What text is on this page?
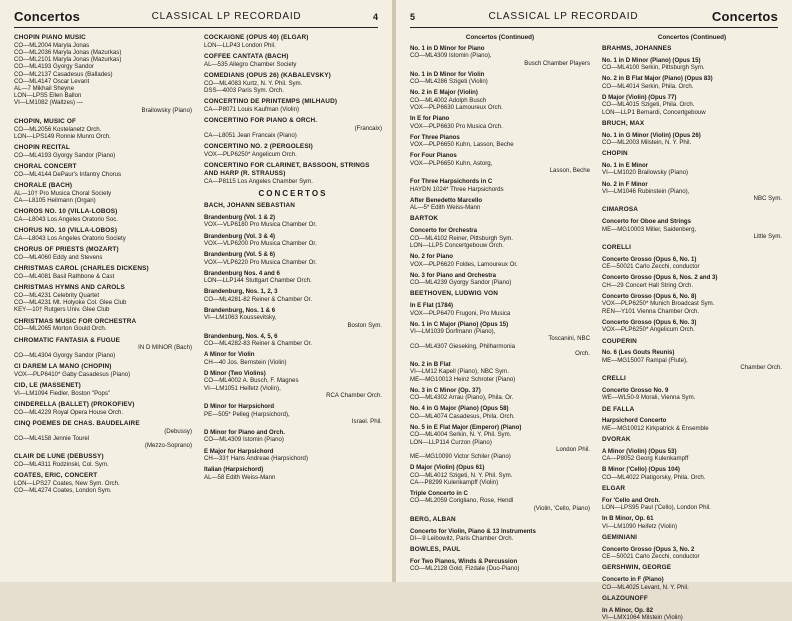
Concertos	CLASSICAL LP RECORDAID	4
CHOPIN PIANO MUSIC
CO—ML2004 Maryla Jonas
CO—ML2036 Maryla Jonas (Mazurkas)
CO—ML2101 Maryla Jonas (Mazurkas)
CO—ML4193 Gyorgy Sandor
CO—ML2137 Casadesus (Ballades)
CO—ML4147 Oscar Levant
AL—7 Mikhail Sheyne
LON—LPS5 Ellen Ballon
VI—LM1082 (Waltzes) —
Brailowsky (Piano)
CHOPIN, MUSIC OF
CO—ML2056 Kostelanetz Orch.
LON—LPS149 Ronnie Munro Orch.
CHOPIN RECITAL
CO—ML4193 Gyorgy Sandor (Piano)
CHORAL CONCERT
CO—ML4144 DePaur's Infantry Chorus
CHORALE (BACH)
AL—10† Pro Musica Choral Society
CA—L8105 Heilmann (Organ)
CHOROS NO. 10 (VILLA-LOBOS)
CA—L8043 Los Angeles Oratorio Soc.
CHORUS NO. 10 (VILLA-LOBOS)
CA—L8043 Los Angeles Oratorio Society
CHORUS OF PRIESTS (MOZART)
CO—ML4060 Eddy and Stevens
CHRISTMAS CAROL (CHARLES DICKENS)
CO—ML4081 Basil Rathbone & Cast
CHRISTMAS HYMNS AND CAROLS
CO—ML4231 Celebrity Quartet
CO—ML4231 Mt. Holyoke Col. Glee Club
KEY—10† Rutgers Univ. Glee Club
CHRISTMAS MUSIC FOR ORCHESTRA
CO—ML2065 Morton Gould Orch.
CHROMATIC FANTASIA & FUGUE
IN D MINOR (Bach)
CO—ML4304 Gyorgy Sandor (Piano)
CI DAREM LA MANO (CHOPIN)
VOX—PLP6410* Gaby Casadesus (Piano)
CID, LE (MASSENET)
VI—LM1094 Fiedler, Boston "Pops"
CINDERELLA (BALLET) (PROKOFIEV)
CO—ML4229 Royal Opera House Orch.
CINQ POEMES DE CHAS. BAUDELAIRE
(Debussy)
CO—ML4158 Jennie Tourel
(Mezzo-Soprano)
CLAIR DE LUNE (DEBUSSY)
CO—ML4311 Rodzinski, Col. Sym.
COATES, ERIC, CONCERT
LON—LPS27 Coates, New Sym. Orch.
CO—ML4274 Coates, London Sym.
COCKAIGNE (OPUS 40) (ELGAR)
LON—LLP43 London Phil.
COFFEE CANTATA (BACH)
AL—535 Allegro Chamber Society
COMEDIANS (OPUS 26) (KABALEVSKY)
CO—ML4083 Kurtz, N. Y. Phil. Sym.
DSS—4003 Paris Sym. Orch.
CONCERTINO DE PRINTEMPS (MILHAUD)
CA—P8071 Louis Kaufman (Violin)
CONCERTINO FOR PIANO & ORCH.
(Francaix)
CA—L8051 Jean Francaix (Piano)
CONCERTINO NO. 2 (PERGOLESI)
VOX—PLP6250* Angelicum Orch.
CONCERTINO FOR CLARINET, BASSOON, STRINGS AND HARP (R. STRAUSS)
CA—P8115 Los Angeles Chamber Sym.
CONCERTOS
BACH, JOHANN SEBASTIAN
Brandenburg (Vol. 1 & 2)
VOX—VLP6180 Pro Musica Chamber Or.
Brandenburg (Vol. 3 & 4)
VOX—VLP6200 Pro Musica Chamber Or.
Brandenburg (Vol. 5 & 6)
VOX—VLP6220 Pro Musica Chamber Or.
Brandenburg Nos. 4 and 6
LON—LLP144 Stuttgart Chamber Orch.
Brandenburg, Nos. 1, 2, 3
CO—ML4281-82 Reiner & Chamber Or.
Brandenburg, Nos. 1 & 6
VI—LM1063 Koussevitsky,
Boston Sym.
Brandenburg, Nos. 4, 5, 6
CO—ML4282-83 Reiner & Chamber Or.
A Minor for Violin
CH—40 Jos. Bernstein (Violin)
D Minor (Two Violins)
CO—ML4002 A. Busch, F. Magnes
VI—LM1051 Heifetz (Violin),
RCA Chamber Orch.
D Minor for Harpsichord
PE—505* Pelleg (Harpsichord),
Israel. Phil.
D Minor for Piano and Orch.
CO—ML4309 Istomin (Piano)
E Major for Harpsichord
CH—33† Hans Andreae (Harpsichord)
Italian (Harpsichord)
AL—58 Edith Weiss-Mann
5	CLASSICAL LP RECORDAID	Concertos
Concertos (Continued)
No. 1 in D Minor for Piano
CO—ML4309 Istomin (Piano),
Busch Chamber Players
No. 1 in D Minor for Violin
CO—ML4286 Szigeti (Violin)
No. 2 in E Major (Violin)
CO—ML4002 Adolph Busch
VOX—PLP6630 Lamoureux Orch.
In E for Piano
VOX—PLP6630 Pro Musica Orch.
For Three Pianos
VOX—PLP6650 Kuhn, Lasson, Beche
For Four Pianos
VOX—PLP6650 Kuhn, Astorg,
Lasson, Beche
For Three Harpsichords in C
HAYDN 1024* Three Harpsichords
After Benedetto Marcello
AL—5* Edith Weiss-Mann
BARTOK
Concerto for Orchestra
CO—ML4102 Reiner, Pittsburgh Sym.
LON—LLP5 Concertgebouw Orch.
No. 2 for Piano
VOX—PLP6620 Foldes, Lamoureux Or.
No. 3 for Piano and Orchestra
CO—ML4239 Gyorgy Sandor (Piano)
BEETHOVEN, LUDWIG VON
In E Flat (1784)
VOX—PLP6470 Frugoni, Pro Musica
No. 1 in C Major (Piano) (Opus 15)
VI—LM1039 Dorfmann (Piano),
Toscanini, NBC
CO—ML4307 Gieseking, Philharmonia
Orch.
No. 2 in B Flat
VI—LM12 Kapell (Piano), NBC Sym.
ME—MG10013 Heinz Schroter (Piano)
No. 3 in C Minor (Op. 37)
CO—ML4302 Arrau (Piano), Phila. Or.
No. 4 in G Major (Piano) (Opus 58)
CO—ML4074 Casadesus, Phila. Orch.
No. 5 in E Flat Major (Emperor) (Piano)
CO—ML4004 Serkin, N. Y. Phil. Sym.
LON—LLP114 Curzon (Piano)
London Phil.
ME—MG10090 Victor Schiler (Piano)
D Major (Violin) (Opus 61)
CO—ML4012 Szigeti, N. Y. Phil. Sym.
CA—P8299 Kulenkampff (Violin)
Triple Concerto in C
CO—ML2059 Corigliano, Rose, Hendl
(Violin, 'Cello, Piano)
BERG, ALBAN
Concerto for Violin, Piano & 13 Instruments
DI—9 Leibowitz, Paris Chamber Orch.
BOWLES, PAUL
For Two Pianos, Winds & Percussion
CO—ML2128 Gold, Fizdale (Duo-Piano)
Concertos (Continued)
BRAHMS, JOHANNES
No. 1 in D Minor (Piano) (Opus 15)
CO—ML4100 Serkin, Pittsburgh Sym.
No. 2 in B Flat Major (Piano) (Opus 83)
CO—ML4014 Serkin, Phila. Orch.
D Major (Violin) (Opus 77)
CO—ML4015 Szigeti, Phila. Orch.
LON—LLP1 Bernardi, Concertgebouw
BRUCH, MAX
No. 1 in G Minor (Violin) (Opus 26)
CO—ML2003 Milstein, N. Y. Phil.
CHOPIN
No. 1 in E Minor
VI—LM1020 Brailowsky (Piano)
No. 2 in F Minor
VI—LM1046 Rubinstein (Piano),
NBC Sym.
CIMAROSA
Concerto for Oboe and Strings
ME—MG10003 Miller, Saidenberg,
Little Sym.
CORELLI
Concerto Grosso (Opus 6, No. 1)
CE—50021 Carlo Zecchi, conductor
Concerto Grosso (Opus 6, Nos. 2 and 3)
CH—29 Concert Hall String Orch.
Concerto Grosso (Opus 6, No. 8)
VOX—PLP6250* Munich Broadcast Sym.
REN—Y101 Vienna Chamber Orch.
Concerto Grosso (Opus 6, No. 3)
VOX—PLP6250* Angelicum Orch.
COUPERIN
No. 6 (Les Gouts Reunis)
ME—MG15007 Rampal (Flute),
Chamber Orch.
CRELLI
Concerto Grosso No. 9
WE—WL50-9 Morali, Vienna Sym.
DE FALLA
Harpsichord Concerto
ME—MG10012 Kirkpatrick & Ensemble
DVORAK
A Minor (Violin) (Opus 53)
CA—P8052 Georg Kulenkampff
B Minor ('Cello) (Opus 104)
CO—ML4022 Piatigorsky, Phila. Orch.
ELGAR
For 'Cello and Orch.
LON—LPS95 Paul ('Cello), London Phil.
In B Minor, Op. 61
VI—LM1090 Heifetz (Violin)
GEMINIANI
Concerto Grosso (Opus 3, No. 2
CE—50021 Carlo Zecchi, conductor
GERSHWIN, GEORGE
Concerto in F (Piano)
CO—ML4025 Levant, N. Y. Phil.
GLAZOUNOFF
In A Minor, Op. 82
VI—LMX1064 Milstein (Violin)
